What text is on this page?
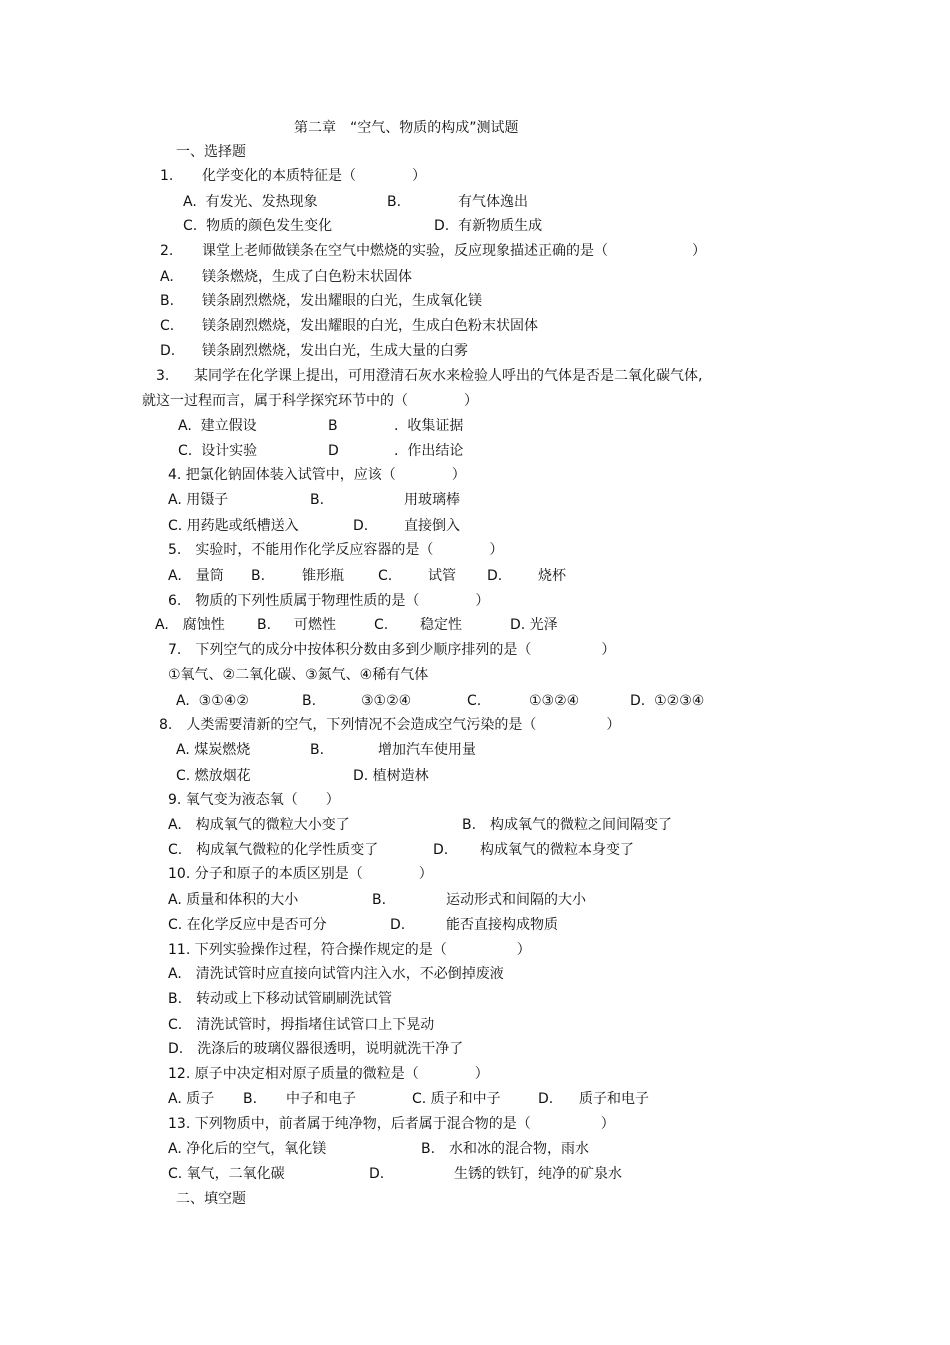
第二章　“空气、物质的构成”测试题
一、选择题
1. 化学变化的本质特征是（　　　　）
A.  有发光、发热现象	B.	有气体逸出
C.  物质的颜色发生变化	D.  有新物质生成
2. 课堂上老师做镁条在空气中燃烧的实验，反应现象描述正确的是（　　　　　　）
A. 镁条燃烧，生成了白色粉末状固体
B. 镁条剧烈燃烧，发出耀眼的白光，生成氧化镁
C. 镁条剧烈燃烧，发出耀眼的白光，生成白色粉末状固体
D. 镁条剧烈燃烧，发出白光，生成大量的白雾
3. 某同学在化学课上提出，可用澄清石灰水来检验人呼出的气体是否是二氧化碳气体,
就这一过程而言，属于科学探究环节中的（　　　　）
A.  建立假设	B	.  收集证据
C.  设计实验	D	.  作出结论
4. 把氯化钠固体装入试管中，应该（　　　　）
A. 用镊子	B.	用玻璃棒
C. 用药匙或纸槽送入	D.	直接倒入
5.　实验时，不能用作化学反应容器的是（　　　　）
A.　量筒 B.	锥形瓶 C.	试管 D.	烧杯
6.　物质的下列性质属于物理性质的是（　　　　）
A.　腐蚀性 B. 可燃性	C. 稳定性	D. 光泽
7.　下列空气的成分中按体积分数由多到少顺序排列的是（　　　　　）
①氧气、②二氧化碳、③氮气、④稀有气体
A.  ③①④②	B.	③①②④	C.	①③②④	D.  ①②③④
8.　人类需要清新的空气，下列情况不会造成空气污染的是（　　　　　）
A. 煤炭燃烧	B.	增加汽车使用量
C. 燃放烟花	D. 植树造林
9. 氧气变为液态氧（　　）
A.　构成氧气的微粒大小变了	B.　构成氧气的微粒之间间隔变了
C.　构成氧气微粒的化学性质变了	D. 构成氧气的微粒本身变了
10. 分子和原子的本质区别是（　　　　）
A. 质量和体积的大小	B.	运动形式和间隔的大小
C. 在化学反应中是否可分	D.	能否直接构成物质
11. 下列实验操作过程，符合操作规定的是（　　　　　）
A.　清洗试管时应直接向试管内注入水，不必倒掉废液
B.　转动或上下移动试管刷刷洗试管
C.　清洗试管时，拇指堵住试管口上下晃动
D.　洗涤后的玻璃仪器很透明，说明就洗干净了
12. 原子中决定相对原子质量的微粒是（　　　　）
A. 质子 B. 中子和电子	C. 质子和中子	D. 质子和电子
13. 下列物质中，前者属于纯净物，后者属于混合物的是（　　　　　）
A. 净化后的空气，氧化镁	B.　水和冰的混合物，雨水
C. 氧气，二氧化碳	D.	生锈的铁钉，纯净的矿泉水
二、填空题
